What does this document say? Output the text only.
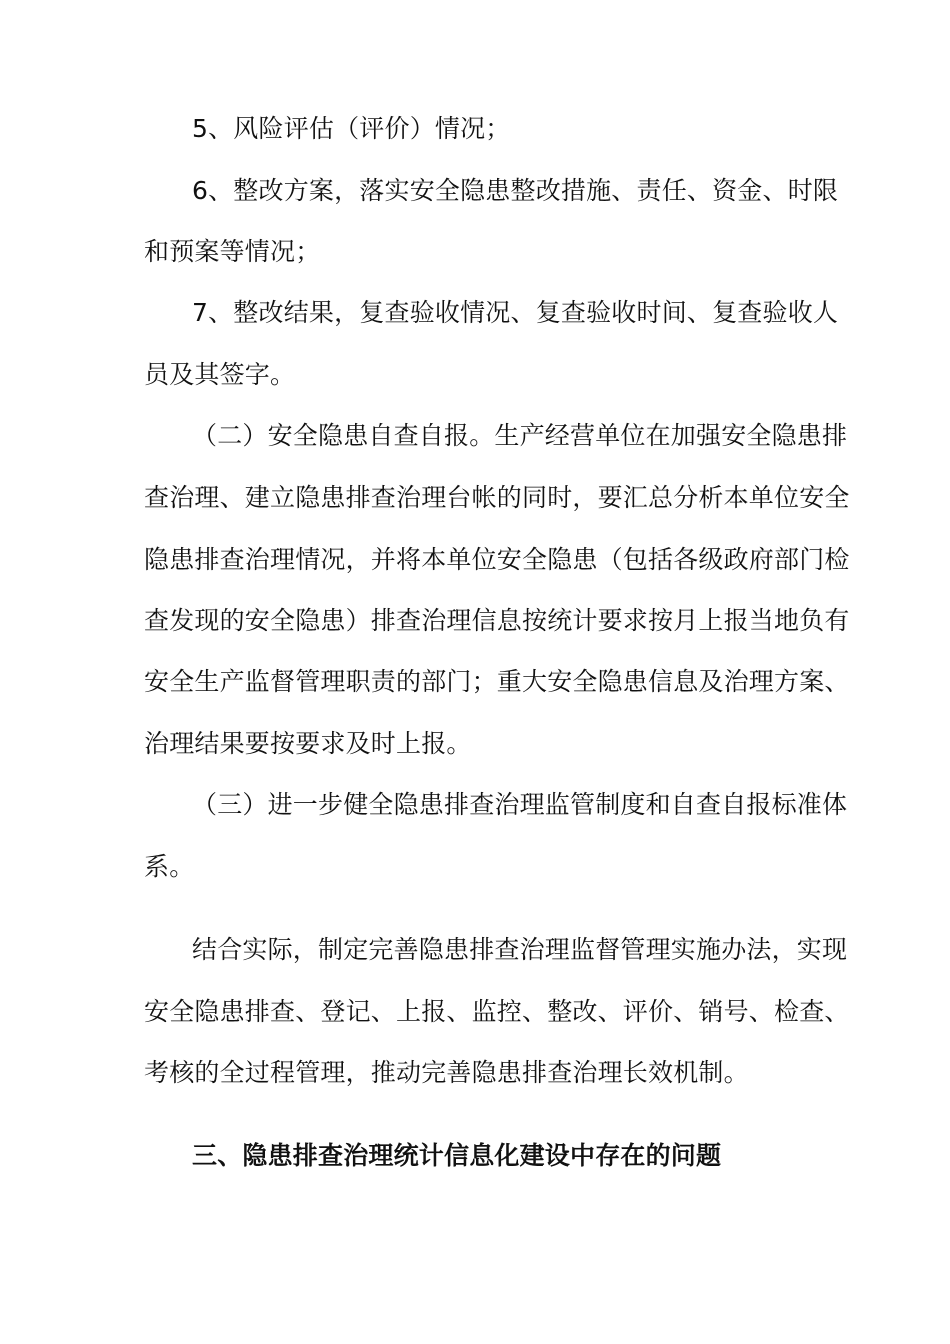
5、风险评估（评价）情况；
6、整改方案，落实安全隐患整改措施、责任、资金、时限
和预案等情况；
7、整改结果，复查验收情况、复查验收时间、复查验收人
员及其签字。
（二）安全隐患自查自报。生产经营单位在加强安全隐患排
查治理、建立隐患排查治理台帐的同时，要汇总分析本单位安全
隐患排查治理情况，并将本单位安全隐患（包括各级政府部门检
查发现的安全隐患）排查治理信息按统计要求按月上报当地负有
安全生产监督管理职责的部门；重大安全隐患信息及治理方案、
治理结果要按要求及时上报。
（三）进一步健全隐患排查治理监管制度和自查自报标准体
系。
结合实际，制定完善隐患排查治理监督管理实施办法，实现
安全隐患排查、登记、上报、监控、整改、评价、销号、检查、
考核的全过程管理，推动完善隐患排查治理长效机制。
三、隐患排查治理统计信息化建设中存在的问题
